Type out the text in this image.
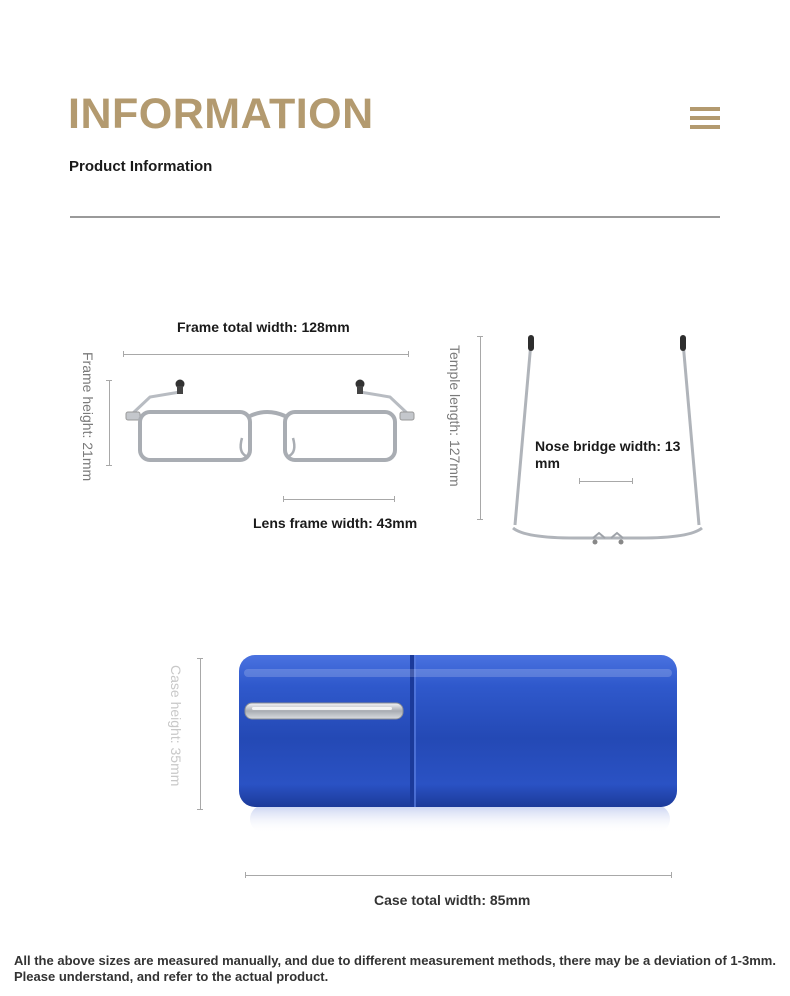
INFORMATION
Product Information
Frame total width: 128mm
Frame height: 21mm
Lens frame width: 43mm
Temple length: 127mm	Nose bridge width: 13 mm
Case height: 35mm
Case total width: 85mm
All the above sizes are measured manually, and due to different measurement methods, there may be a deviation of 1-3mm.
Please understand, and refer to the actual product.
